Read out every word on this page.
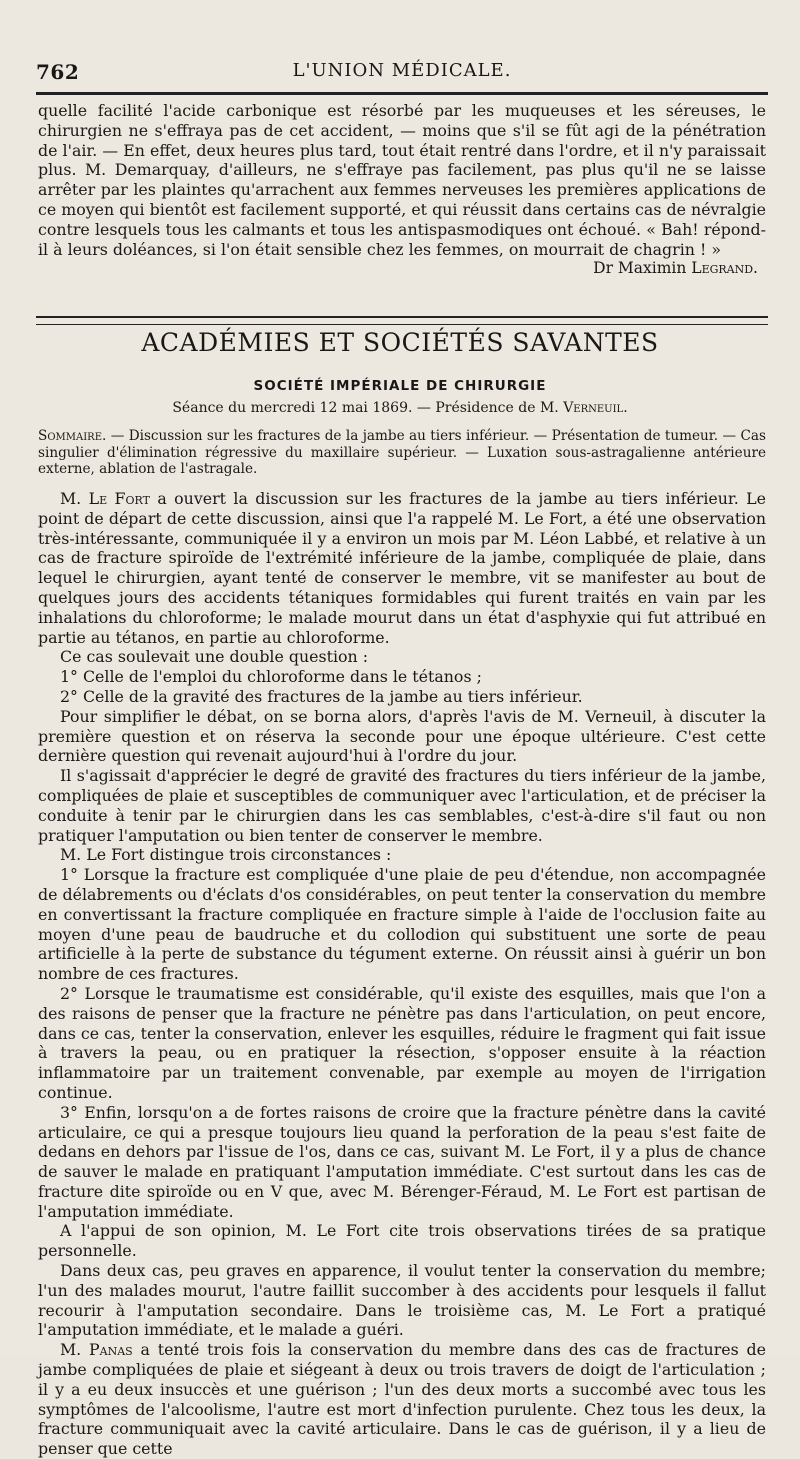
762	L'UNION MÉDICALE.

quelle facilité l'acide carbonique est résorbé par les muqueuses et les séreuses, le chirurgien ne s'effraya pas de cet accident, — moins que s'il se fût agi de la pénétration de l'air. — En effet, deux heures plus tard, tout était rentré dans l'ordre, et il n'y paraissait plus. M. Demarquay, d'ailleurs, ne s'effraye pas facilement, pas plus qu'il ne se laisse arrêter par les plaintes qu'arrachent aux femmes nerveuses les premières applications de ce moyen qui bientôt est facilement supporté, et qui réussit dans certains cas de névralgie contre lesquels tous les calmants et tous les antispasmodiques ont échoué. « Bah! répond-il à leurs doléances, si l'on était sensible chez les femmes, on mourrait de chagrin ! »

Dr Maximin Legrand.

ACADÉMIES ET SOCIÉTÉS SAVANTES
SOCIÉTÉ IMPÉRIALE DE CHIRURGIE
Séance du mercredi 12 mai 1869. — Présidence de M. Verneuil.
Sommaire. — Discussion sur les fractures de la jambe au tiers inférieur. — Présentation de tumeur. — Cas singulier d'élimination régressive du maxillaire supérieur. — Luxation sous-astragalienne antérieure externe, ablation de l'astragale.

M. Le Fort a ouvert la discussion sur les fractures de la jambe au tiers inférieur. Le point de départ de cette discussion, ainsi que l'a rappelé M. Le Fort, a été une observation très-intéressante, communiquée il y a environ un mois par M. Léon Labbé, et relative à un cas de fracture spiroïde de l'extrémité inférieure de la jambe, compliquée de plaie, dans lequel le chirurgien, ayant tenté de conserver le membre, vit se manifester au bout de quelques jours des accidents tétaniques formidables qui furent traités en vain par les inhalations du chloroforme; le malade mourut dans un état d'asphyxie qui fut attribué en partie au tétanos, en partie au chloroforme.

Ce cas soulevait une double question :

1° Celle de l'emploi du chloroforme dans le tétanos ;

2° Celle de la gravité des fractures de la jambe au tiers inférieur.

Pour simplifier le débat, on se borna alors, d'après l'avis de M. Verneuil, à discuter la première question et on réserva la seconde pour une époque ultérieure. C'est cette dernière question qui revenait aujourd'hui à l'ordre du jour.

Il s'agissait d'apprécier le degré de gravité des fractures du tiers inférieur de la jambe, compliquées de plaie et susceptibles de communiquer avec l'articulation, et de préciser la conduite à tenir par le chirurgien dans les cas semblables, c'est-à-dire s'il faut ou non pratiquer l'amputation ou bien tenter de conserver le membre.

M. Le Fort distingue trois circonstances :

1° Lorsque la fracture est compliquée d'une plaie de peu d'étendue, non accompagnée de délabrements ou d'éclats d'os considérables, on peut tenter la conservation du membre en convertissant la fracture compliquée en fracture simple à l'aide de l'occlusion faite au moyen d'une peau de baudruche et du collodion qui substituent une sorte de peau artificielle à la perte de substance du tégument externe. On réussit ainsi à guérir un bon nombre de ces fractures.

2° Lorsque le traumatisme est considérable, qu'il existe des esquilles, mais que l'on a des raisons de penser que la fracture ne pénètre pas dans l'articulation, on peut encore, dans ce cas, tenter la conservation, enlever les esquilles, réduire le fragment qui fait issue à travers la peau, ou en pratiquer la résection, s'opposer ensuite à la réaction inflammatoire par un traitement convenable, par exemple au moyen de l'irrigation continue.

3° Enfin, lorsqu'on a de fortes raisons de croire que la fracture pénètre dans la cavité articulaire, ce qui a presque toujours lieu quand la perforation de la peau s'est faite de dedans en dehors par l'issue de l'os, dans ce cas, suivant M. Le Fort, il y a plus de chance de sauver le malade en pratiquant l'amputation immédiate. C'est surtout dans les cas de fracture dite spiroïde ou en V que, avec M. Bérenger-Féraud, M. Le Fort est partisan de l'amputation immédiate.

A l'appui de son opinion, M. Le Fort cite trois observations tirées de sa pratique personnelle.

Dans deux cas, peu graves en apparence, il voulut tenter la conservation du membre; l'un des malades mourut, l'autre faillit succomber à des accidents pour lesquels il fallut recourir à l'amputation secondaire. Dans le troisième cas, M. Le Fort a pratiqué l'amputation immédiate, et le malade a guéri.

M. Panas a tenté trois fois la conservation du membre dans des cas de fractures de jambe compliquées de plaie et siégeant à deux ou trois travers de doigt de l'articulation ; il y a eu deux insuccès et une guérison ; l'un des deux morts a succombé avec tous les symptômes de l'alcoolisme, l'autre est mort d'infection purulente. Chez tous les deux, la fracture communiquait avec la cavité articulaire. Dans le cas de guérison, il y a lieu de penser que cette
